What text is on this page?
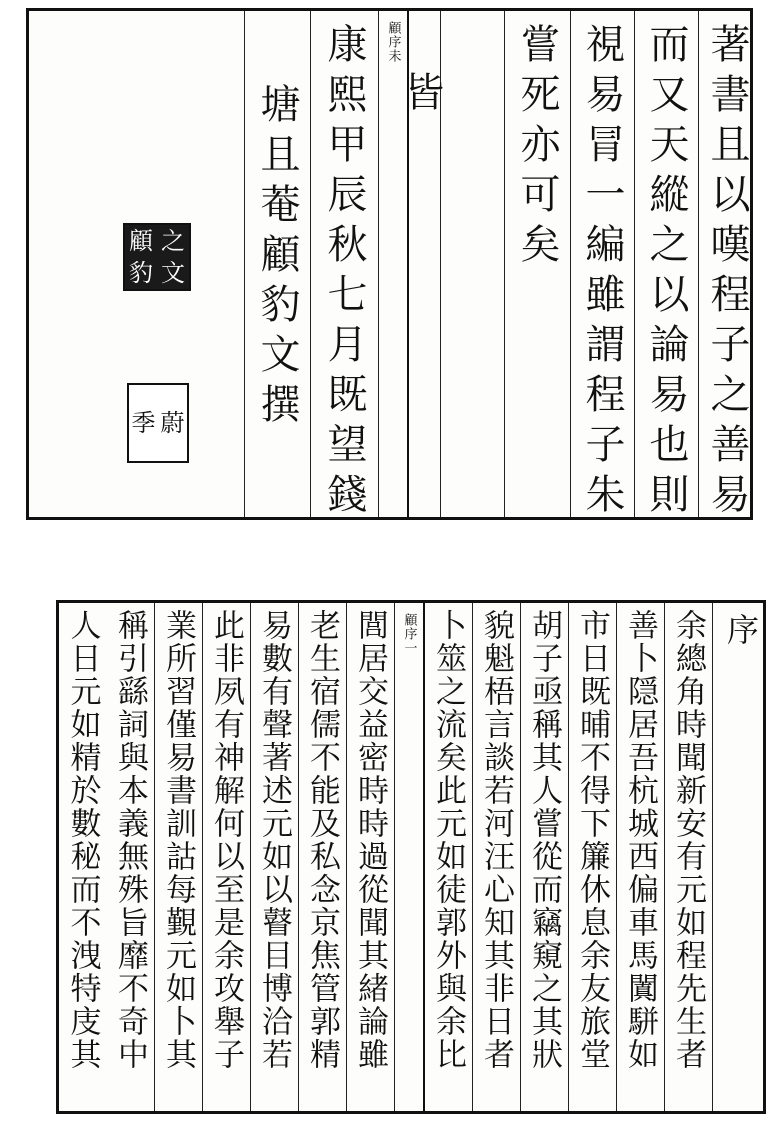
著書且以嘆程子之善易
而又天縱之以論易也則
視易冐一編雖謂程子朱
嘗死亦可矣
皆
顧序未
康熙甲辰秋七月既望錢
塘且菴顧豹文撰
顧 之
豹 文
季 蔚
序
余總角時聞新安有元如程先生者
善卜隠居吾杭城西偏車馬闐駢如
市日既晡不得下簾休息余友旅堂
胡子亟稱其人嘗從而竊窺之其狀
貌魁梧言談若河汪心知其非日者
卜筮之流矣此元如徒郭外與余比
顧序一
閭居交益密時時過從聞其緒論雖
老生宿儒不能及私念京焦管郭精
易數有聲著述元如以瞽目博洽若
此非夙有神解何以至是余攻舉子
業所習僅易書訓詁每覲元如卜其
稱引繇詞與本義無殊旨靡不奇中
人日元如精於數秘而不洩特庋其
